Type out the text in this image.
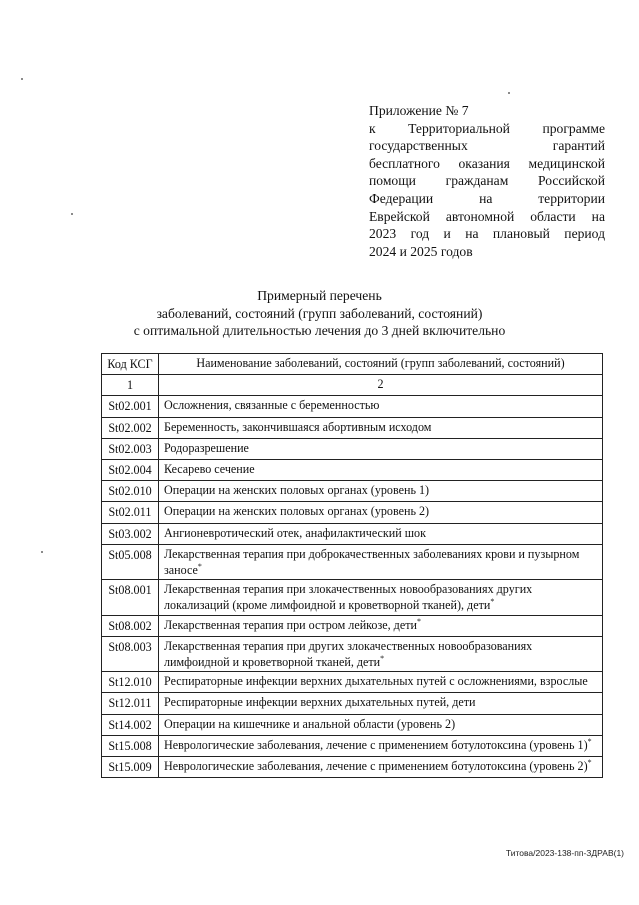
Приложение № 7
к Территориальной программе
государственных гарантий
бесплатного оказания медицинской
помощи гражданам Российской
Федерации на территории
Еврейской автономной области на
2023 год и на плановый период
2024 и 2025 годов
Примерный перечень
заболеваний, состояний (групп заболеваний, состояний)
с оптимальной длительностью лечения до 3 дней включительно
Код КСГ	Наименование заболеваний, состояний (групп заболеваний, состояний)
1	2
St02.001	Осложнения, связанные с беременностью
St02.002	Беременность, закончившаяся абортивным исходом
St02.003	Родоразрешение
St02.004	Кесарево сечение
St02.010	Операции на женских половых органах (уровень 1)
St02.011	Операции на женских половых органах (уровень 2)
St03.002	Ангионевротический отек, анафилактический шок
St05.008	Лекарственная терапия при доброкачественных заболеваниях крови и пузырном заносе*
St08.001	Лекарственная терапия при злокачественных новообразованиях других локализаций (кроме лимфоидной и кроветворной тканей), дети*
St08.002	Лекарственная терапия при остром лейкозе, дети*
St08.003	Лекарственная терапия при других злокачественных новообразованиях лимфоидной и кроветворной тканей, дети*
St12.010	Респираторные инфекции верхних дыхательных путей с осложнениями, взрослые
St12.011	Респираторные инфекции верхних дыхательных путей, дети
St14.002	Операции на кишечнике и анальной области (уровень 2)
St15.008	Неврологические заболевания, лечение с применением ботулотоксина (уровень 1)*
St15.009	Неврологические заболевания, лечение с применением ботулотоксина (уровень 2)*
Титова/2023-138-пп-ЗДРАВ(1)
